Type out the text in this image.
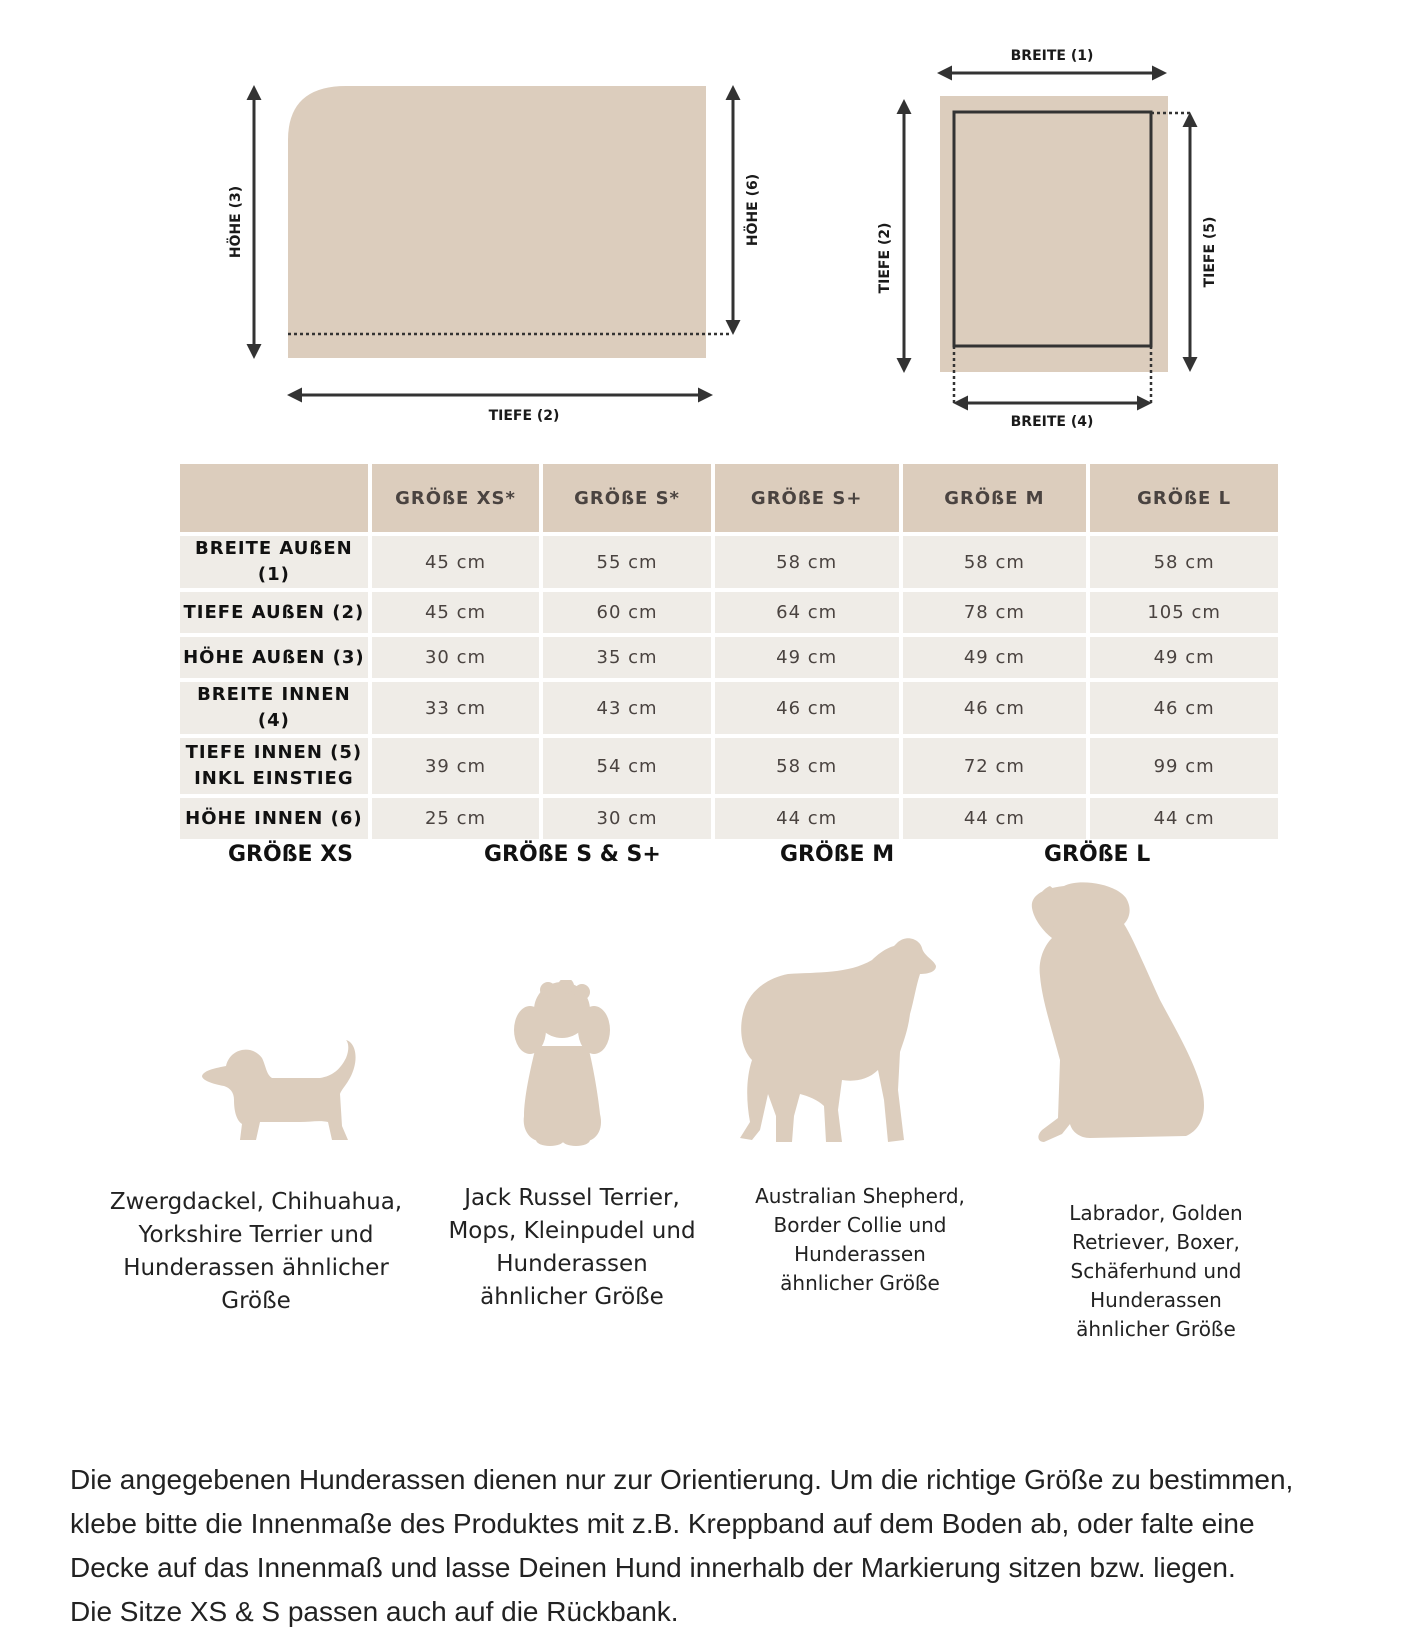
HÖHE (3)	HÖHE (6)
TIEFE (2)
BREITE (1)
TIEFE (2)	TIEFE (5)
BREITE (4)
	GRÖßE XS*	GRÖßE S*	GRÖßE S+	GRÖßE M	GRÖßE L
BREITE AUßEN (1)	45 cm	55 cm	58 cm	58 cm	58 cm
TIEFE AUßEN (2)	45 cm	60 cm	64 cm	78 cm	105 cm
HÖHE AUßEN (3)	30 cm	35 cm	49 cm	49 cm	49 cm
BREITE INNEN (4)	33 cm	43 cm	46 cm	46 cm	46 cm
TIEFE INNEN (5)
INKL EINSTIEG	39 cm	54 cm	58 cm	72 cm	99 cm
HÖHE INNEN (6)	25 cm	30 cm	44 cm	44 cm	44 cm
GRÖßE XS	GRÖßE S & S+	GRÖßE M	GRÖßE L
Zwergdackel, Chihuahua,
Yorkshire Terrier und
Hunderassen ähnlicher
Größe
Jack Russel Terrier,
Mops, Kleinpudel und
Hunderassen
ähnlicher Größe
Australian Shepherd,
Border Collie und
Hunderassen
ähnlicher Größe
Labrador, Golden
Retriever, Boxer,
Schäferhund und
Hunderassen
ähnlicher Größe

Die angegebenen Hunderassen dienen nur zur Orientierung. Um die richtige Größe zu bestimmen,

klebe bitte die Innenmaße des Produktes mit z.B. Kreppband auf dem Boden ab, oder falte eine

Decke auf das Innenmaß und lasse Deinen Hund innerhalb der Markierung sitzen bzw. liegen.

Die Sitze XS & S passen auch auf die Rückbank.
